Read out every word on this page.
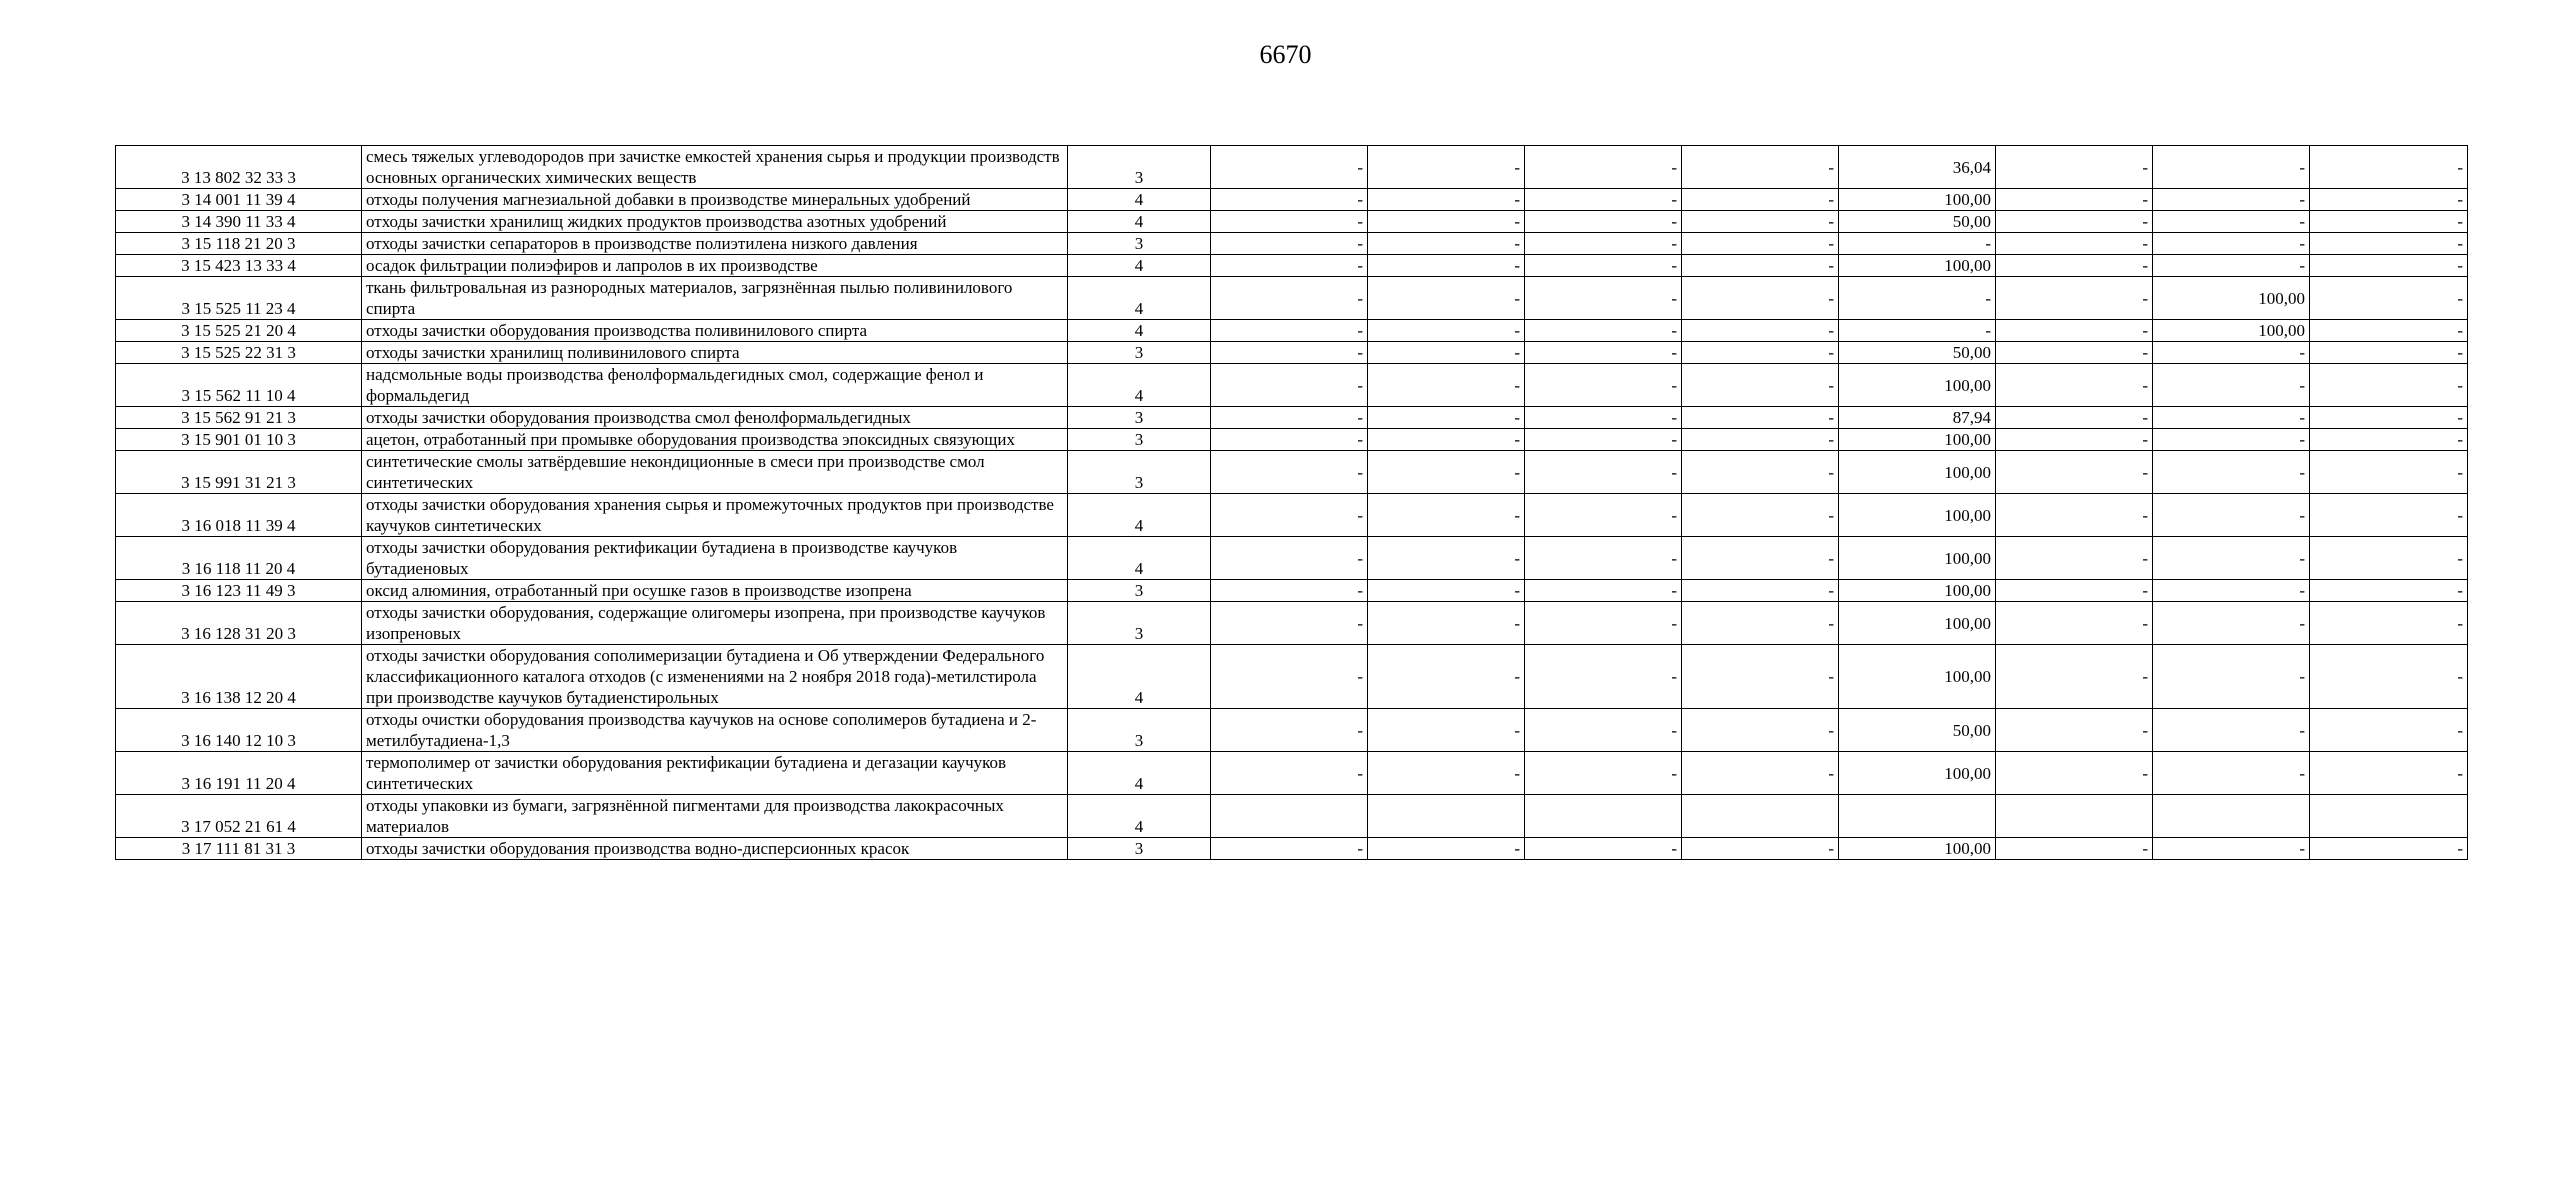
6670
3 13 802 32 33 3	смесь тяжелых углеводородов при зачистке емкостей хранения сырья и продукции производств основных органических химических веществ	3	-	-	-	-	36,04	-	-	-
3 14 001 11 39 4	отходы получения магнезиальной добавки в производстве минеральных удобрений	4	-	-	-	-	100,00	-	-	-
3 14 390 11 33 4	отходы зачистки хранилищ жидких продуктов производства азотных удобрений	4	-	-	-	-	50,00	-	-	-
3 15 118 21 20 3	отходы зачистки сепараторов в производстве полиэтилена низкого давления	3	-	-	-	-	-	-	-	-
3 15 423 13 33 4	осадок фильтрации полиэфиров и лапролов в их производстве	4	-	-	-	-	100,00	-	-	-
3 15 525 11 23 4	ткань фильтровальная из разнородных материалов, загрязнённая пылью поливинилового спирта	4	-	-	-	-	-	-	100,00	-
3 15 525 21 20 4	отходы зачистки оборудования производства поливинилового спирта	4	-	-	-	-	-	-	100,00	-
3 15 525 22 31 3	отходы зачистки хранилищ поливинилового спирта	3	-	-	-	-	50,00	-	-	-
3 15 562 11 10 4	надсмольные воды производства фенолформальдегидных смол, содержащие фенол и формальдегид	4	-	-	-	-	100,00	-	-	-
3 15 562 91 21 3	отходы зачистки оборудования производства смол фенолформальдегидных	3	-	-	-	-	87,94	-	-	-
3 15 901 01 10 3	ацетон, отработанный при промывке оборудования производства эпоксидных связующих	3	-	-	-	-	100,00	-	-	-
3 15 991 31 21 3	синтетические смолы затвёрдевшие некондиционные в смеси при производстве смол синтетических	3	-	-	-	-	100,00	-	-	-
3 16 018 11 39 4	отходы зачистки оборудования хранения сырья и промежуточных продуктов при производстве каучуков синтетических	4	-	-	-	-	100,00	-	-	-
3 16 118 11 20 4	отходы зачистки оборудования ректификации бутадиена в производстве каучуков бутадиеновых	4	-	-	-	-	100,00	-	-	-
3 16 123 11 49 3	оксид алюминия, отработанный при осушке газов в производстве изопрена	3	-	-	-	-	100,00	-	-	-
3 16 128 31 20 3	отходы зачистки оборудования, содержащие олигомеры изопрена, при производстве каучуков изопреновых	3	-	-	-	-	100,00	-	-	-
3 16 138 12 20 4	отходы зачистки оборудования сополимеризации бутадиена и Об утверждении Федерального классификационного каталога отходов (с изменениями на 2 ноября 2018 года)-метилстирола при производстве каучуков бутадиенстирольных	4	-	-	-	-	100,00	-	-	-
3 16 140 12 10 3	отходы очистки оборудования производства каучуков на основе сополимеров бутадиена и 2-метилбутадиена-1,3	3	-	-	-	-	50,00	-	-	-
3 16 191 11 20 4	термополимер от зачистки оборудования ректификации бутадиена и дегазации каучуков синтетических	4	-	-	-	-	100,00	-	-	-
3 17 052 21 61 4	отходы упаковки из бумаги, загрязнённой пигментами для производства лакокрасочных материалов	4								
3 17 111 81 31 3	отходы зачистки оборудования производства водно-дисперсионных красок	3	-	-	-	-	100,00	-	-	-
